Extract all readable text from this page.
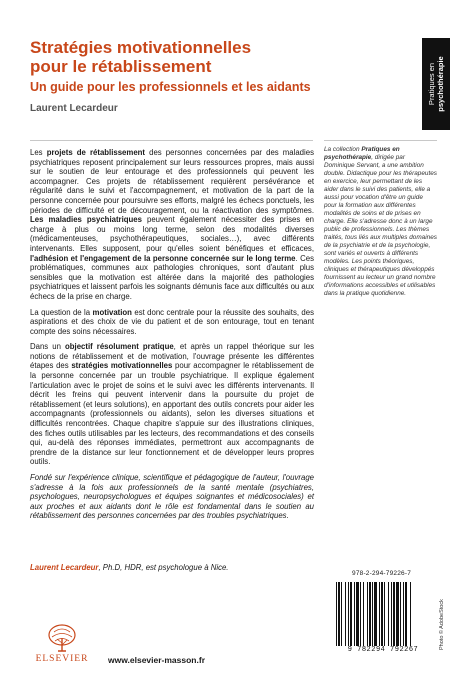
Stratégies motivationnelles
pour le rétablissement
Un guide pour les professionnels et les aidants
Laurent Lecardeur
Pratiques en psychothérapie

Les projets de rétablissement des personnes concernées par des maladies psychiatriques reposent principalement sur leurs ressources propres, mais aussi sur le soutien de leur entourage et des professionnels qui peuvent les accompagner. Ces projets de rétablissement requièrent persévérance et régularité dans le suivi et l'accompagnement, et motivation de la part de la personne concernée pour poursuivre ses efforts, malgré les échecs ponctuels, les périodes de difficulté et de découragement, ou la réactivation des symptômes. Les maladies psychiatriques peuvent également nécessiter des prises en charge à plus ou moins long terme, selon des modalités diverses (médicamenteuses, psychothérapeutiques, sociales…), avec différents intervenants. Elles supposent, pour qu'elles soient bénéfiques et efficaces, l'adhésion et l'engagement de la personne concernée sur le long terme. Ces problématiques, communes aux pathologies chroniques, sont d'autant plus sensibles que la motivation est altérée dans la majorité des pathologies psychiatriques et laissent parfois les soignants démunis face aux difficultés ou aux échecs de la prise en charge.

La question de la motivation est donc centrale pour la réussite des souhaits, des aspirations et des choix de vie du patient et de son entourage, tout en tenant compte des soins nécessaires.

Dans un objectif résolument pratique, et après un rappel théorique sur les notions de rétablissement et de motivation, l'ouvrage présente les différentes étapes des stratégies motivationnelles pour accompagner le rétablissement de la personne concernée par un trouble psychiatrique. Il explique également l'articulation avec le projet de soins et le suivi avec les différents intervenants. Il décrit les freins qui peuvent intervenir dans la poursuite du projet de rétablissement (et leurs solutions), en apportant des outils concrets pour aider les accompagnants (professionnels ou aidants), selon les diverses situations et difficultés rencontrées. Chaque chapitre s'appuie sur des illustrations cliniques, des fiches outils utilisables par les lecteurs, des recommandations et des conseils qui, au-delà des réponses immédiates, permettront aux accompagnants de prendre de la distance sur leur fonctionnement et de développer leurs propres outils.

Fondé sur l'expérience clinique, scientifique et pédagogique de l'auteur, l'ouvrage s'adresse à la fois aux professionnels de la santé mentale (psychiatres, psychologues, neuropsychologues et équipes soignantes et médicosociales) et aux proches et aux aidants dont le rôle est fondamental dans le soutien au rétablissement des personnes concernées par des troubles psychiatriques.

Laurent Lecardeur, Ph.D, HDR, est psychologue à Nice.
La collection Pratiques en psychothérapie, dirigée par Dominique Servant, a une ambition double. Didactique pour les thérapeutes en exercice, leur permettant de les aider dans le suivi des patients, elle a aussi pour vocation d'être un guide pour la formation aux différentes modalités de soins et de prises en charge. Elle s'adresse donc à un large public de professionnels. Les thèmes traités, tous liés aux multiples domaines de la psychiatrie et de la psychologie, sont variés et ouverts à différents modèles. Les points théoriques, cliniques et thérapeutiques développés fournissent au lecteur un grand nombre d'informations accessibles et utilisables dans la pratique quotidienne.
978-2-294-79226-7
9 782294 792267	Photo © AdobeStock
ELSEVIER	www.elsevier-masson.fr
